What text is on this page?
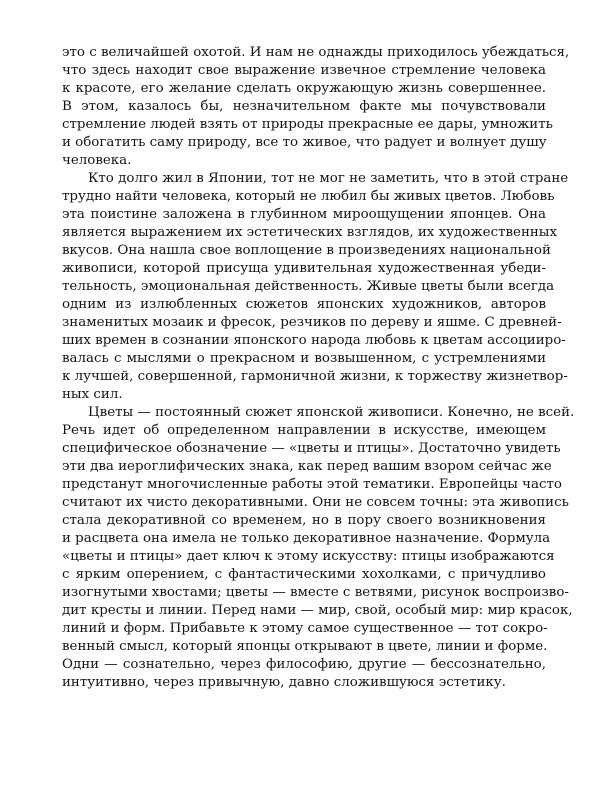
это с величайшей охотой. И нам не однажды приходилось убеждаться,
что здесь находит свое выражение извечное стремление человека
к красоте, его желание сделать окружающую жизнь совершеннее.
В этом, казалось бы, незначительном факте мы почувствовали
стремление людей взять от природы прекрасные ее дары, умножить
и обогатить саму природу, все то живое, что радует и волнует душу
человека.
Кто долго жил в Японии, тот не мог не заметить, что в этой стране
трудно найти человека, который не любил бы живых цветов. Любовь
эта поистине заложена в глубинном мироощущении японцев. Она
является выражением их эстетических взглядов, их художественных
вкусов. Она нашла свое воплощение в произведениях национальной
живописи, которой присуща удивительная художественная убеди-
тельность, эмоциональная действенность. Живые цветы были всегда
одним из излюбленных сюжетов японских художников, авторов
знаменитых мозаик и фресок, резчиков по дереву и яшме. С древней-
ших времен в сознании японского народа любовь к цветам ассоцииро-
валась с мыслями о прекрасном и возвышенном, с устремлениями
к лучшей, совершенной, гармоничной жизни, к торжеству жизнетвор-
ных сил.
Цветы — постоянный сюжет японской живописи. Конечно, не всей.
Речь идет об определенном направлении в искусстве, имеющем
специфическое обозначение — «цветы и птицы». Достаточно увидеть
эти два иероглифических знака, как перед вашим взором сейчас же
предстанут многочисленные работы этой тематики. Европейцы часто
считают их чисто декоративными. Они не совсем точны: эта живопись
стала декоративной со временем, но в пору своего возникновения
и расцвета она имела не только декоративное назначение. Формула
«цветы и птицы» дает ключ к этому искусству: птицы изображаются
с ярким оперением, с фантастическими хохолками, с причудливо
изогнутыми хвостами; цветы — вместе с ветвями, рисунок воспроизво-
дит кресты и линии. Перед нами — мир, свой, особый мир: мир красок,
линий и форм. Прибавьте к этому самое существенное — тот сокро-
венный смысл, который японцы открывают в цвете, линии и форме.
Одни — сознательно, через философию, другие — бессознательно,
интуитивно, через привычную, давно сложившуюся эстетику.
